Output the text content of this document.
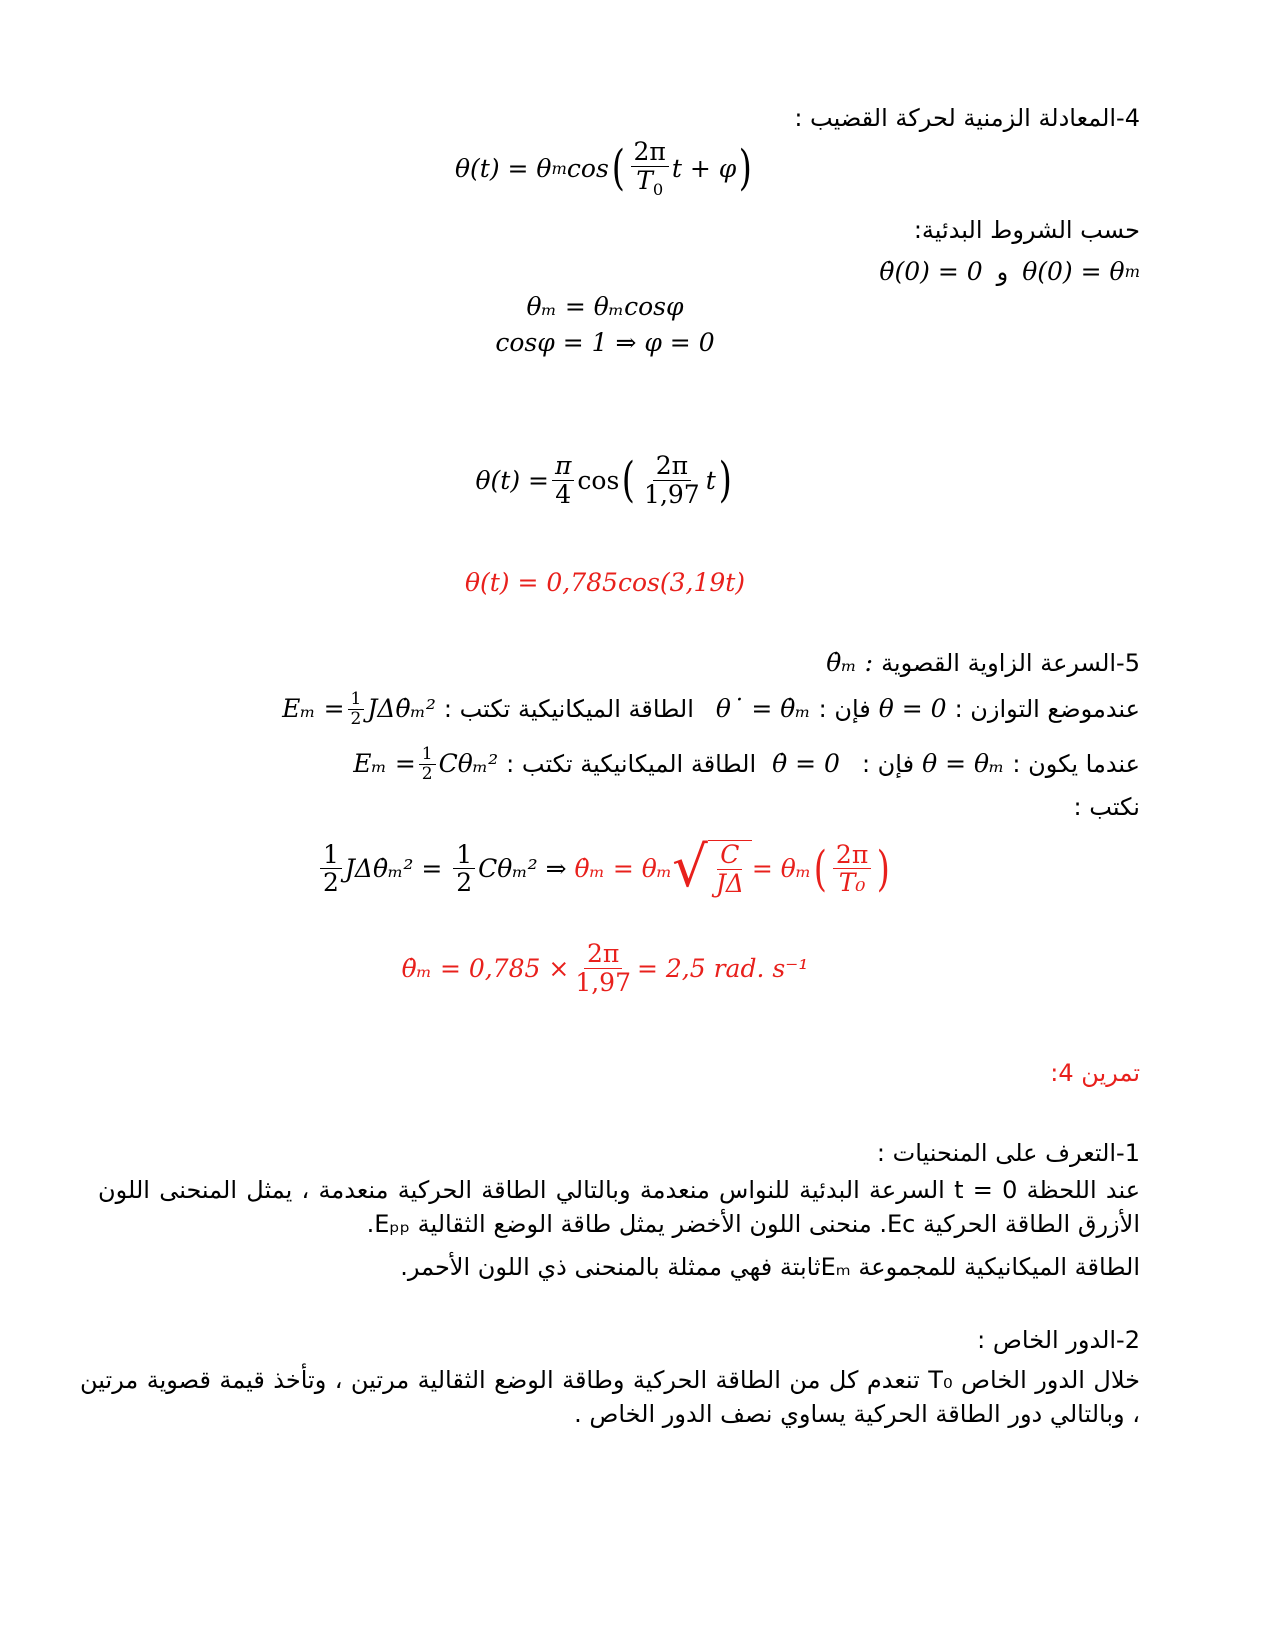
4-المعادلة الزمنية لحركة القضيب :
θ(t) = θ m cos ( $\frac{2\pi}{T_0}$ t + φ )
حسب الشروط البدئية:
θ(0) = θ m
و
θ̇(0) = 0
θₘ = θₘcosφ
cosφ = 1 ⇒ φ = 0
$\theta(t) = \frac{\pi}{4}$ cos ( $\frac{2\pi}{1,97}$ t )
θ(t) = 0,785cos(3,19t)
5-السرعة الزاوية القصوية
θ̇ₘ :
عندموضع التوازن :
θ = 0
فإن :
θ˙ = θ̇ₘ
الطاقة الميكانيكية تكتب :
$E_m = \frac{1}{2}$ J Δθ̇ₘ²
عندما يكون :
θ = θₘ
فإن :
θ̇ = 0
الطاقة الميكانيكية تكتب :
$E_m = \frac{1}{2} C\theta_m^2$
نكتب :
$\frac{1}{2}$ J Δθ̇ₘ² =
$\frac{1}{2} C\theta_m^2$ ⇒
θ̇ₘ = θₘ √ $\frac{C}{J\Delta} = \theta_m$ ( $\frac{2\pi}{\text{T₀}}$ )
θ̇ₘ = $0,785 \times \frac{2\pi}{1,97} = 2,5$ rad. s⁻¹
تمرين 4:
1-التعرف على المنحنيات :
عند اللحظة t = 0 السرعة البدئية للنواس منعدمة وبالتالي الطاقة الحركية منعدمة ، يمثل المنحنى اللون الأزرق الطاقة الحركية Eᴄ. منحنى اللون الأخضر يمثل طاقة الوضع الثقالية Eₚₚ.
الطاقة الميكانيكية للمجموعة Eₘثابتة فهي ممثلة بالمنحنى ذي اللون الأحمر.
2-الدور الخاص :
خلال الدور الخاص T₀ تنعدم كل من الطاقة الحركية وطاقة الوضع الثقالية مرتين ، وتأخذ قيمة قصوية مرتين ، وبالتالي دور الطاقة الحركية يساوي نصف الدور الخاص .
